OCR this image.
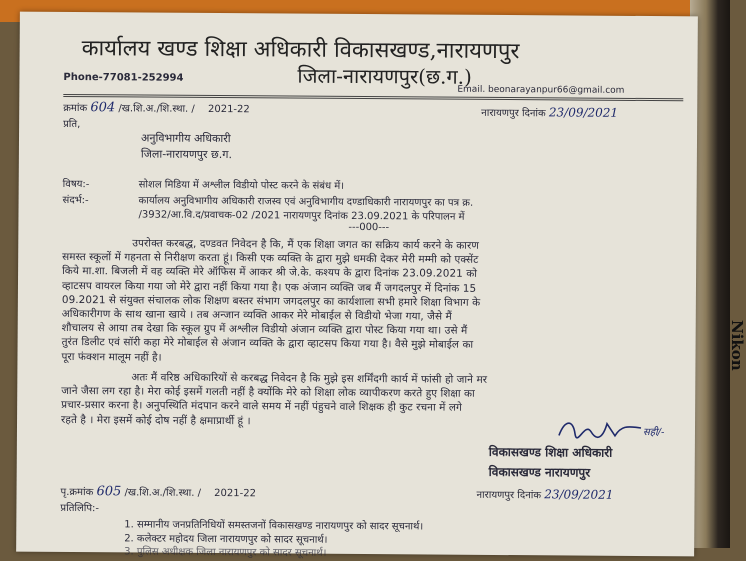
Nikon
कार्यालय खण्ड शिक्षा अधिकारी विकासखण्ड,नारायणपुर
जिला-नारायणपुर(छ.ग.)
Phone-77081-252994
Email. beonarayanpur66@gmail.com
क्रमांक 604 /ख.शि.अ./शि.स्था. / 2021-22	नारायणपुर दिनांक 23/09/2021
प्रति,
अनुविभागीय अधिकारी
जिला-नारायणपुर छ.ग.
विषय:-	सोशल मिडिया में अश्लील विडीयो पोस्ट करने के संबंध में।
संदर्भ:-	कार्यालय अनुविभागीय अधिकारी राजस्व एवं अनुविभागीय दण्डाधिकारी नारायणपुर का पत्र क्र.
/3932/आ.वि.द/प्रवाचक-02 /2021 नारायणपुर दिनांक 23.09.2021 के परिपालन में
---000---
उपरोक्त करबद्ध, दण्डवत निवेदन है कि, मैं एक शिक्षा जगत का सक्रिय कार्य करने के कारण
समस्त स्कूलों में गहनता से निरीक्षण करता हूं। किसी एक व्यक्ति के द्वारा मुझे धमकी देकर मेरी मम्मी को एक्सेंट
किये मा.शा. बिजली में वह व्यक्ति मेरे ऑफिस में आकर श्री जे.के. कश्यप के द्वारा दिनांक 23.09.2021 को
व्हाटसप वायरल किया गया जो मेरे द्वारा नहीं किया गया है। एक अंजान व्यक्ति जब मैं जगदलपुर में दिनांक 15
09.2021 से संयुक्त संचालक लोक शिक्षण बस्तर संभाग जगदलपुर का कार्यशाला सभी हमारे शिक्षा विभाग के
अधिकारीगण के साथ खाना खाये । तब अन्जान व्यक्ति आकर मेरे मोबाईल से विडीयो भेजा गया, जैसे मैं
शौचालय से आया तब देखा कि स्कूल ग्रुप में अश्लील विडीयो अंजान व्यक्ति द्वारा पोस्ट किया गया था। उसे मैं
तुरंत डिलीट एवं सॉरी कहा मेरे मोबाईल से अंजान व्यक्ति के द्वारा व्हाटसप किया गया है। वैसे मुझे मोबाईल का
पूरा फंक्शन मालूम नहीं है।
अतः मैं वरिष्ठ अधिकारियों से करबद्ध निवेदन है कि मुझे इस शर्मिंदगी कार्य में फांसी हो जाने मर
जाने जैसा लग रहा है। मेरा कोई इसमें गलती नहीं है क्योंकि मेरे को शिक्षा लोक व्यापीकरण करते हुए शिक्षा का
प्रचार-प्रसार करना है। अनुपस्थिति मंदपान करने वाले समय में नहीं पंहुचने वाले शिक्षक ही कुट रचना में लगे
रहते है । मेरा इसमें कोई दोष नहीं है क्षमाप्रार्थी हूं ।
सही/-
विकासखण्ड शिक्षा अधिकारी
विकासखण्ड नारायणपुर
पृ.क्रमांक 605 /ख.शि.अ./शि.स्था. / 2021-22	नारायणपुर दिनांक 23/09/2021
प्रतिलिपि:-
1. सम्मानीय जनप्रतिनिधियों समस्तजनों विकासखण्ड नारायणपुर को सादर सूचनार्थ।
2. कलेक्टर महोदय जिला नारायणपुर को सादर सूचनार्थ।
3. पुलिस अधीक्षक जिला नारायणपुर को सादर सूचनार्थ।
